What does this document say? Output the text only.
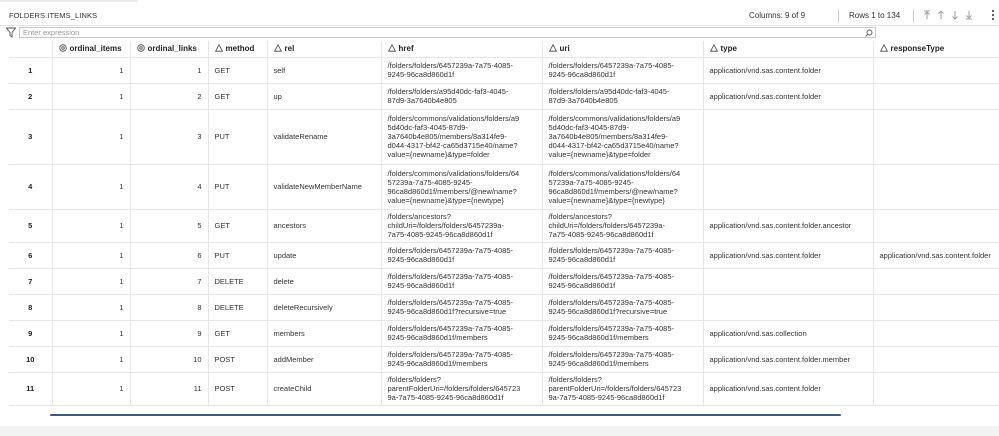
FOLDERS.ITEMS_LINKS	Columns: 9 of 9	Rows 1 to 134
Enter expression
	ordinal_items	ordinal_links	method	rel	href	uri	type	responseType
1	1	1	GET	self	/folders/folders/6457239a-7a75-4085-
9245-96ca8d860d1f	/folders/folders/6457239a-7a75-4085-
9245-96ca8d860d1f	application/vnd.sas.content.folder	
2	1	2	GET	up	/folders/folders/a95d40dc-faf3-4045-
87d9-3a7640b4e805	/folders/folders/a95d40dc-faf3-4045-
87d9-3a7640b4e805	application/vnd.sas.content.folder	
3	1	3	PUT	validateRename	/folders/commons/validations/folders/a9
5d40dc-faf3-4045-87d9-
3a7640b4e805/members/8a314fe9-
d044-4317-bf42-ca65d3715e40/name?
value={newname}&type=folder	/folders/commons/validations/folders/a9
5d40dc-faf3-4045-87d9-
3a7640b4e805/members/8a314fe9-
d044-4317-bf42-ca65d3715e40/name?
value={newname}&type=folder		
4	1	4	PUT	validateNewMemberName	/folders/commons/validations/folders/64
57239a-7a75-4085-9245-
96ca8d860d1f/members/@new/name?
value={newname}&type={newtype}	/folders/commons/validations/folders/64
57239a-7a75-4085-9245-
96ca8d860d1f/members/@new/name?
value={newname}&type={newtype}		
5	1	5	GET	ancestors	/folders/ancestors?
childUri=/folders/folders/6457239a-
7a75-4085-9245-96ca8d860d1f	/folders/ancestors?
childUri=/folders/folders/6457239a-
7a75-4085-9245-96ca8d860d1f	application/vnd.sas.content.folder.ancestor	
6	1	6	PUT	update	/folders/folders/6457239a-7a75-4085-
9245-96ca8d860d1f	/folders/folders/6457239a-7a75-4085-
9245-96ca8d860d1f	application/vnd.sas.content.folder	application/vnd.sas.content.folder
7	1	7	DELETE	delete	/folders/folders/6457239a-7a75-4085-
9245-96ca8d860d1f	/folders/folders/6457239a-7a75-4085-
9245-96ca8d860d1f		
8	1	8	DELETE	deleteRecursively	/folders/folders/6457239a-7a75-4085-
9245-96ca8d860d1f?recursive=true	/folders/folders/6457239a-7a75-4085-
9245-96ca8d860d1f?recursive=true		
9	1	9	GET	members	/folders/folders/6457239a-7a75-4085-
9245-96ca8d860d1f/members	/folders/folders/6457239a-7a75-4085-
9245-96ca8d860d1f/members	application/vnd.sas.collection	
10	1	10	POST	addMember	/folders/folders/6457239a-7a75-4085-
9245-96ca8d860d1f/members	/folders/folders/6457239a-7a75-4085-
9245-96ca8d860d1f/members	application/vnd.sas.content.folder.member	
11	1	11	POST	createChild	/folders/folders?
parentFolderUri=/folders/folders/645723
9a-7a75-4085-9245-96ca8d860d1f	/folders/folders?
parentFolderUri=/folders/folders/645723
9a-7a75-4085-9245-96ca8d860d1f	application/vnd.sas.content.folder	
